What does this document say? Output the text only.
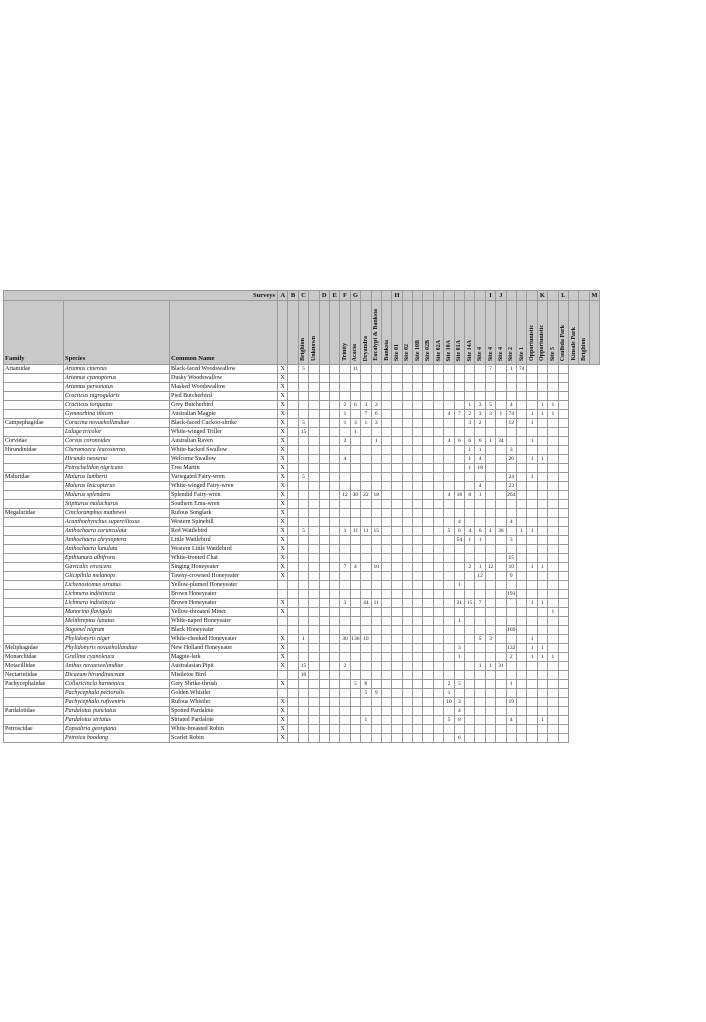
Surveys			A	B	C		D	E	F	G				H									I	J				K		L			M
Family	Species	Common Name			Brighton	Unknown			Trinity	Acacia	Dryandra	Eucalypt & Banksia	Banksia	Site 01	Site 02	Site 10B	Site 02B	Site 02A	Site 10A	Site 01A	Site 14A	Site 4	Site 4	Site 4	Site 2	Site 1	Opportunistic	Opportunistic	Site 5	Coulbda Park	Kinsale Park	Brighton	
Artamidae	Artamus cinereus	Black-faced Woodswallow	X		5					11													7		1	74							
	Artamus cyanopterus	Dusky Woodswallow	X																														
	Artamus personatus	Masked Woodswallow	X																														
	Cracticus nigrogularis	Pied Butcherbird	X																														
	Cracticus torquatus	Grey Butcherbird	X						2	6	3	3									1	3	5		4			1	1				
	Gymnorhina tibicen	Australian Magpie	X						1		7	6							4	7	2	3	3	1	74		1	1	1				
Campephagidae	Coracina novaehollandiae	Black-faced Cuckoo-shrike	X		5				1	3	1	3									3	2			12		1						
	Lalage tricolor	White-winged Triller	X		15					1																							
Corvidae	Corvus coronoides	Australian Raven	X						2			1							4	6	6	6	1	34			1						
Hirundinidae	Cheramoeca leucosterna	White-backed Swallow	X																		1	1			3								
	Hirundo neoxena	Welcome Swallow	X						4												1	4			20		1	1					
	Petrochelidon nigricans	Tree Martin	X																		1	18											
Maluridae	Malurus lamberti	Variegated Fairy-wren	X		5																				24		1						
	Malurus leucopterus	White-winged Fairy-wren	X																			4			23								
	Malurus splendens	Splendid Fairy-wren	X						12	30	22	18							4	18	8	1			264								
	Stipiturus malachurus	Southern Emu-wren	X																														
Megaluridae	Cincloramphus mathewsi	Rufous Songlark	X																														
	Acanthorhynchus superciliosus	Western Spinebill	X																	4					4								
	Anthochaera carunculata	Red Wattlebird	X		5				1	11	11	15							5	6	4	6	1	36		1	1						
	Anthochaera chrysoptera	Little Wattlebird	X																	54	1	1			3								
	Anthochaera lunulata	Western Little Wattlebird	X																														
	Epthianura albifrons	White-fronted Chat	X																						15								
	Gavicalis virescens	Singing Honeyeater	X						7	4		10									2	1	12		10		1	1					
	Glicipihila melanops	Tawny-crowned Honeyeater	X																			12			9								
	Lichenostomus ornatus	Yellow-plumed Honeyeater																		1													
	Lichmera indistincta	Brown Honeyeater																							193								
	Lichmera indistincta	Brown Honeyeater	X						3		44	11								21	15	7					1	1					
	Manorina flavigula	Yellow-throated Miner	X																										1				
	Melithreptus lunatus	White-naped Honeyeater																		1													
	Sugomel nigrum	Black Honeyeater																							169								
	Phylidonyris niger	White-cheeked Honeyeater	X		1				30	136	10											5	3				1						
Meliphagidae	Phylidonyris novaehollandiae	New Holland Honeyeater	X																	3					132		1	1					
Monarchidae	Grallina cyanoleuca	Magpie-lark	X																	1					2		1	1	1				
Motacillidae	Anthus novaeseelandiae	Australasian Pipit	X		15				2													1	1	31									
Nectariniidae	Dicaeum hirundinaceum	Mistletoe Bird			10																												
Pachycephalidae	Colluricincla harmonica	Grey Shrike-thrush	X							5	8								2	5					1								
	Pachycephala pectoralis	Golden Whistler									5	9							1														
	Pachycephala rufiventris	Rufous Whistler	X																10	3					19								
Pardalotidae	Pardalotus punctatus	Spotted Pardalote	X																	4													
	Pardalotus striatus	Striated Pardalote	X								1								5	8					4			1					
Petroscidae	Eopsaltria georgiana	White-breasted Robin	X																														
	Petroica boodang	Scarlet Robin	X																	6													
